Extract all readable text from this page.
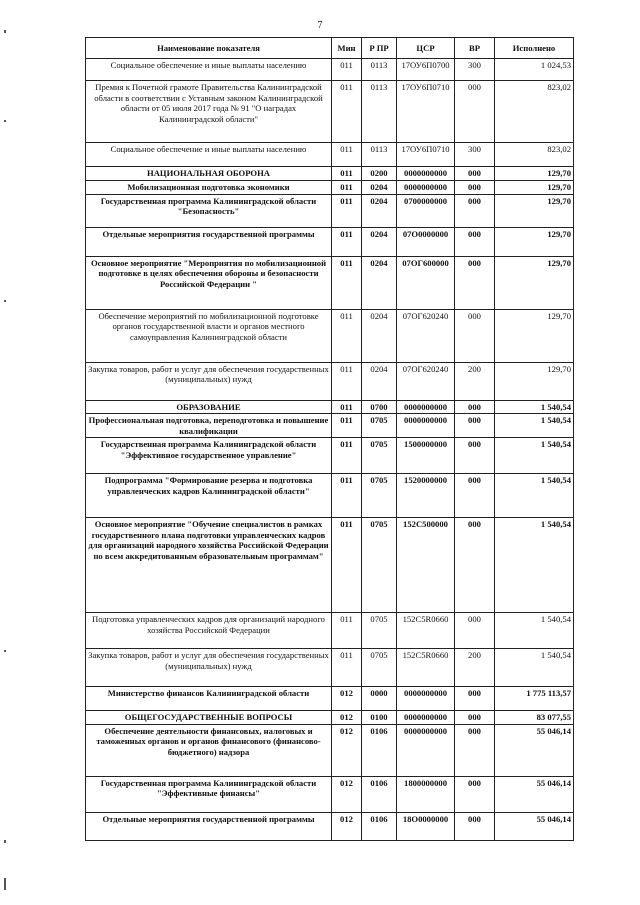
7
Наименование показателя	Мин	Р ПР	ЦСР	ВР	Исполнено
Социальное обеспечение и иные выплаты населению	011	0113	17ОУ6П0700	300	1 024,53
Премия к Почетной грамоте Правительства Калининградской области в соответствии с Уставным законом Калининградской области от 05 июля 2017 года № 91 "О наградах Калининградской области"	011	0113	17ОУ6П0710	000	823,02
Социальное обеспечение и иные выплаты населению	011	0113	17ОУ6П0710	300	823,02
НАЦИОНАЛЬНАЯ ОБОРОНА	011	0200	0000000000	000	129,70
Мобилизационная подготовка экономики	011	0204	0000000000	000	129,70
Государственная программа Калининградской области "Безопасность"	011	0204	0700000000	000	129,70
Отдельные мероприятия государственной программы	011	0204	07О0000000	000	129,70
Основное мероприятие "Мероприятия по мобилизационной подготовке в целях обеспечения обороны и безопасности Российской Федерации "	011	0204	07ОГ600000	000	129,70
Обеспечение мероприятий по мобилизационной подготовке органов государственной власти и органов местного самоуправления Калининградской области	011	0204	07ОГ620240	000	129,70
Закупка товаров, работ и услуг для обеспечения государственных (муниципальных) нужд	011	0204	07ОГ620240	200	129,70
ОБРАЗОВАНИЕ	011	0700	0000000000	000	1 540,54
Профессиональная подготовка, переподготовка и повышение квалификации	011	0705	0000000000	000	1 540,54
Государственная программа Калининградской области "Эффективное государственное управление"	011	0705	1500000000	000	1 540,54
Подпрограмма "Формирование резерва и подготовка управленческих кадров Калининградской области"	011	0705	1520000000	000	1 540,54
Основное мероприятие "Обучение специалистов в рамках государственного плана подготовки управленческих кадров для организаций народного хозяйства Российской Федерации по всем аккредитованным образовательным программам"	011	0705	152С500000	000	1 540,54
Подготовка управленческих кадров для организаций народного хозяйства Российской Федерации	011	0705	152С5R0660	000	1 540,54
Закупка товаров, работ и услуг для обеспечения государственных (муниципальных) нужд	011	0705	152С5R0660	200	1 540,54
Министерство финансов Калининградской области	012	0000	0000000000	000	1 775 113,57
ОБЩЕГОСУДАРСТВЕННЫЕ ВОПРОСЫ	012	0100	0000000000	000	83 077,55
Обеспечение деятельности финансовых, налоговых и таможенных органов и органов финансового (финансово-бюджетного) надзора	012	0106	0000000000	000	55 046,14
Государственная программа Калининградской области "Эффективные финансы"	012	0106	1800000000	000	55 046,14
Отдельные мероприятия государственной программы	012	0106	18О0000000	000	55 046,14
